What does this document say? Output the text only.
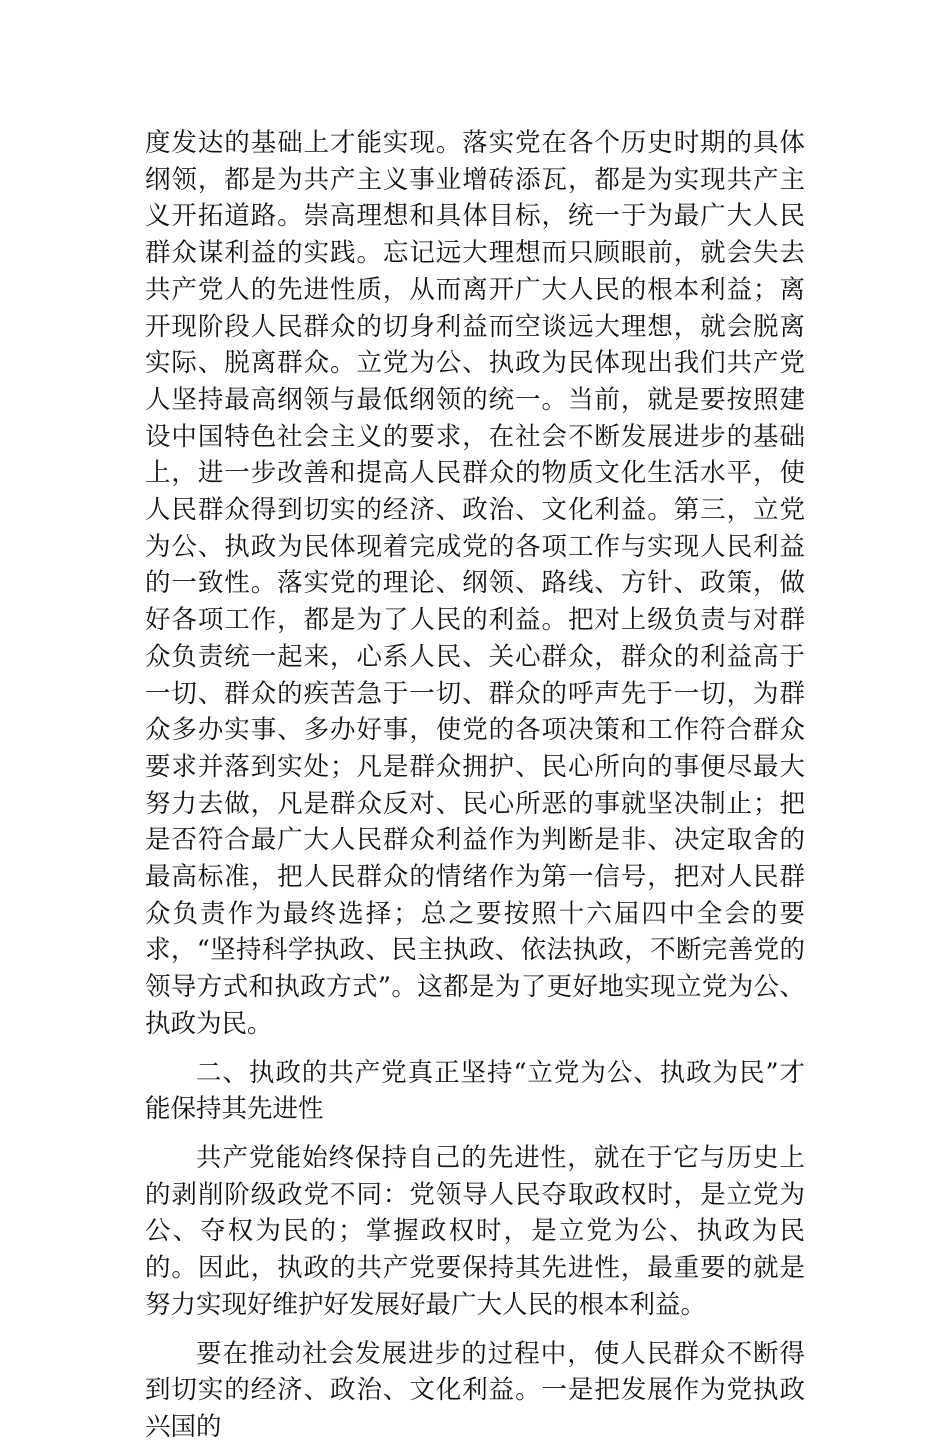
度发达的基础上才能实现。落实党在各个历史时期的具体纲领，都是为共产主义事业增砖添瓦，都是为实现共产主义开拓道路。崇高理想和具体目标，统一于为最广大人民群众谋利益的实践。忘记远大理想而只顾眼前，就会失去共产党人的先进性质，从而离开广大人民的根本利益；离开现阶段人民群众的切身利益而空谈远大理想，就会脱离实际、脱离群众。立党为公、执政为民体现出我们共产党人坚持最高纲领与最低纲领的统一。当前，就是要按照建设中国特色社会主义的要求，在社会不断发展进步的基础上，进一步改善和提高人民群众的物质文化生活水平，使人民群众得到切实的经济、政治、文化利益。第三，立党为公、执政为民体现着完成党的各项工作与实现人民利益的一致性。落实党的理论、纲领、路线、方针、政策，做好各项工作，都是为了人民的利益。把对上级负责与对群众负责统一起来，心系人民、关心群众，群众的利益高于一切、群众的疾苦急于一切、群众的呼声先于一切，为群众多办实事、多办好事，使党的各项决策和工作符合群众要求并落到实处；凡是群众拥护、民心所向的事便尽最大努力去做，凡是群众反对、民心所恶的事就坚决制止；把是否符合最广大人民群众利益作为判断是非、决定取舍的最高标准，把人民群众的情绪作为第一信号，把对人民群众负责作为最终选择；总之要按照十六届四中全会的要求，“坚持科学执政、民主执政、依法执政，不断完善党的领导方式和执政方式”。这都是为了更好地实现立党为公、执政为民。

二、执政的共产党真正坚持“立党为公、执政为民”才能保持其先进性

共产党能始终保持自己的先进性，就在于它与历史上的剥削阶级政党不同：党领导人民夺取政权时，是立党为公、夺权为民的；掌握政权时，是立党为公、执政为民的。因此，执政的共产党要保持其先进性，最重要的就是努力实现好维护好发展好最广大人民的根本利益。

要在推动社会发展进步的过程中，使人民群众不断得到切实的经济、政治、文化利益。一是把发展作为党执政兴国的
